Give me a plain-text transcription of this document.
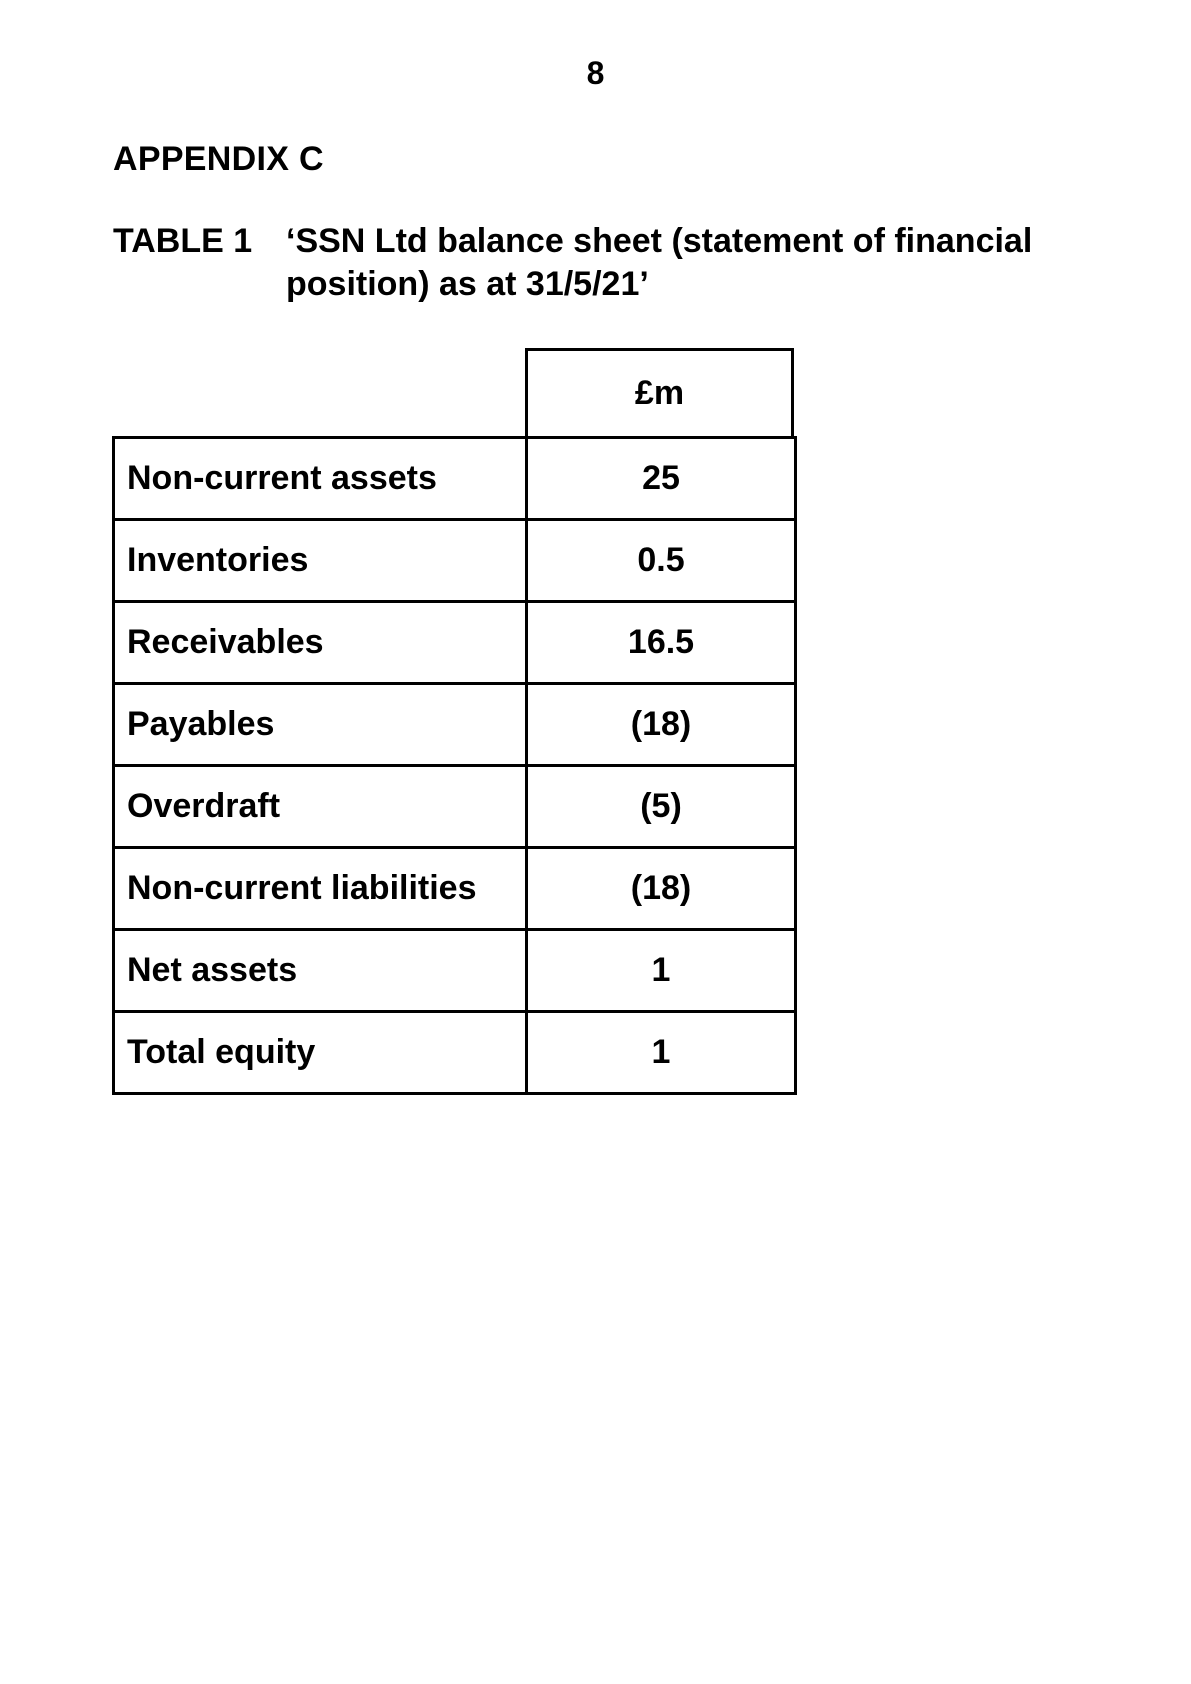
8
APPENDIX C
TABLE 1 ‘SSN Ltd balance sheet (statement of financial position) as at 31/5/21’
£m
Non-current assets	25
Inventories	0.5
Receivables	16.5
Payables	(18)
Overdraft	(5)
Non-current liabilities	(18)
Net assets	1
Total equity	1
